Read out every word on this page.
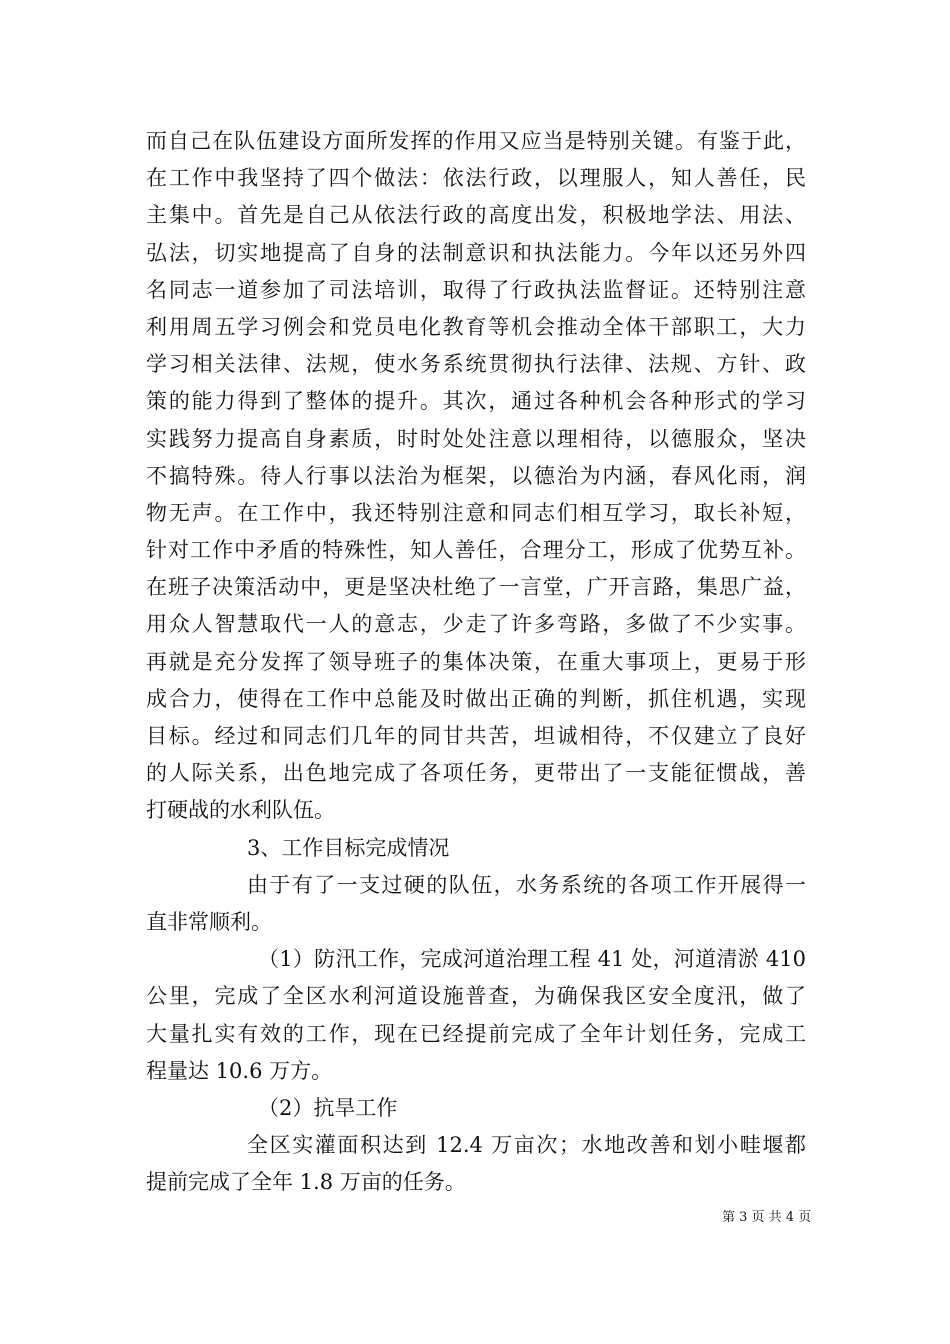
而自己在队伍建设方面所发挥的作用又应当是特别关键。有鉴于此，
在工作中我坚持了四个做法：依法行政，以理服人，知人善任，民
主集中。首先是自己从依法行政的高度出发，积极地学法、用法、
弘法，切实地提高了自身的法制意识和执法能力。今年以还另外四
名同志一道参加了司法培训，取得了行政执法监督证。还特别注意
利用周五学习例会和党员电化教育等机会推动全体干部职工，大力
学习相关法律、法规，使水务系统贯彻执行法律、法规、方针、政
策的能力得到了整体的提升。其次，通过各种机会各种形式的学习
实践努力提高自身素质，时时处处注意以理相待，以德服众，坚决
不搞特殊。待人行事以法治为框架，以德治为内涵，春风化雨，润
物无声。在工作中，我还特别注意和同志们相互学习，取长补短，
针对工作中矛盾的特殊性，知人善任，合理分工，形成了优势互补。
在班子决策活动中，更是坚决杜绝了一言堂，广开言路，集思广益，
用众人智慧取代一人的意志，少走了许多弯路，多做了不少实事。
再就是充分发挥了领导班子的集体决策，在重大事项上，更易于形
成合力，使得在工作中总能及时做出正确的判断，抓住机遇，实现
目标。经过和同志们几年的同甘共苦，坦诚相待，不仅建立了良好
的人际关系，出色地完成了各项任务，更带出了一支能征惯战，善
打硬战的水利队伍。
3、工作目标完成情况
由于有了一支过硬的队伍，水务系统的各项工作开展得一
直非常顺利。
（1）防汛工作，完成河道治理工程 41 处，河道清淤 410
公里，完成了全区水利河道设施普查，为确保我区安全度汛，做了
大量扎实有效的工作，现在已经提前完成了全年计划任务，完成工
程量达 10.6 万方。
（2）抗旱工作
全区实灌面积达到 12.4 万亩次；水地改善和划小畦堰都
提前完成了全年 1.8 万亩的任务。
第 3 页 共 4 页
